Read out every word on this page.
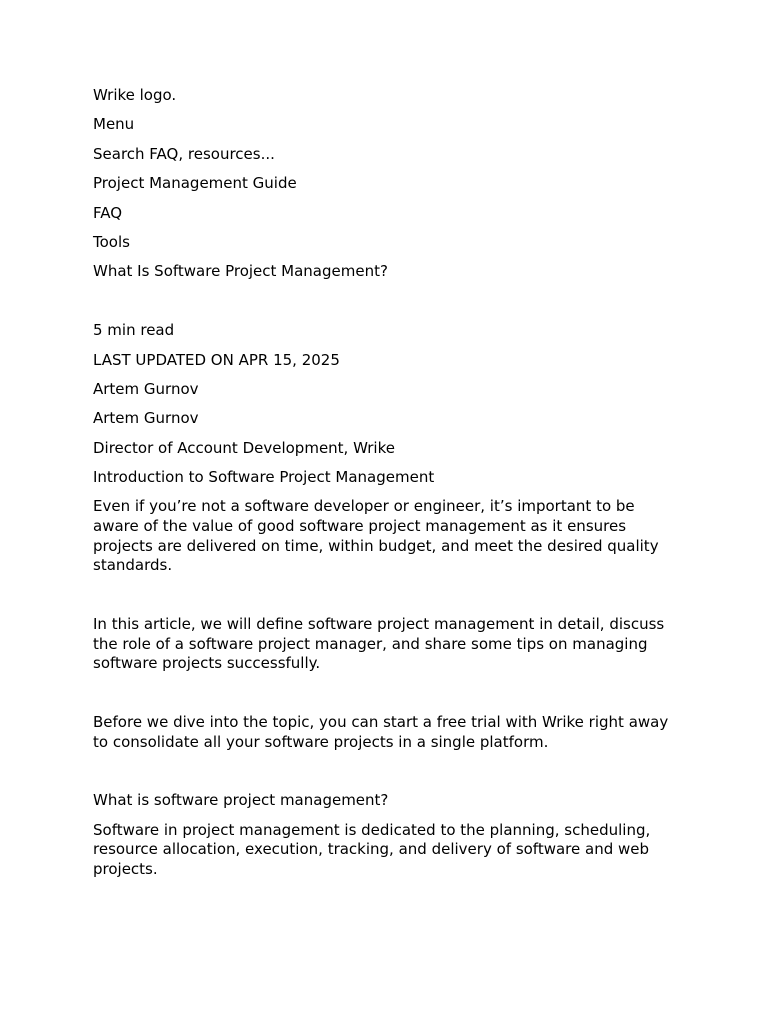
Wrike logo.
Menu
Search FAQ, resources...
Project Management Guide
FAQ
Tools
What Is Software Project Management?
5 min read
LAST UPDATED ON APR 15, 2025
Artem Gurnov
Artem Gurnov
Director of Account Development, Wrike
Introduction to Software Project Management

Even if you’re not a software developer or engineer, it’s important to be aware of the value of good software project management as it ensures projects are delivered on time, within budget, and meet the desired quality standards.

In this article, we will define software project management in detail, discuss the role of a software project manager, and share some tips on managing software projects successfully.

Before we dive into the topic, you can start a free trial with Wrike right away to consolidate all your software projects in a single platform.

What is software project management?

Software in project management is dedicated to the planning, scheduling, resource allocation, execution, tracking, and delivery of software and web projects.
